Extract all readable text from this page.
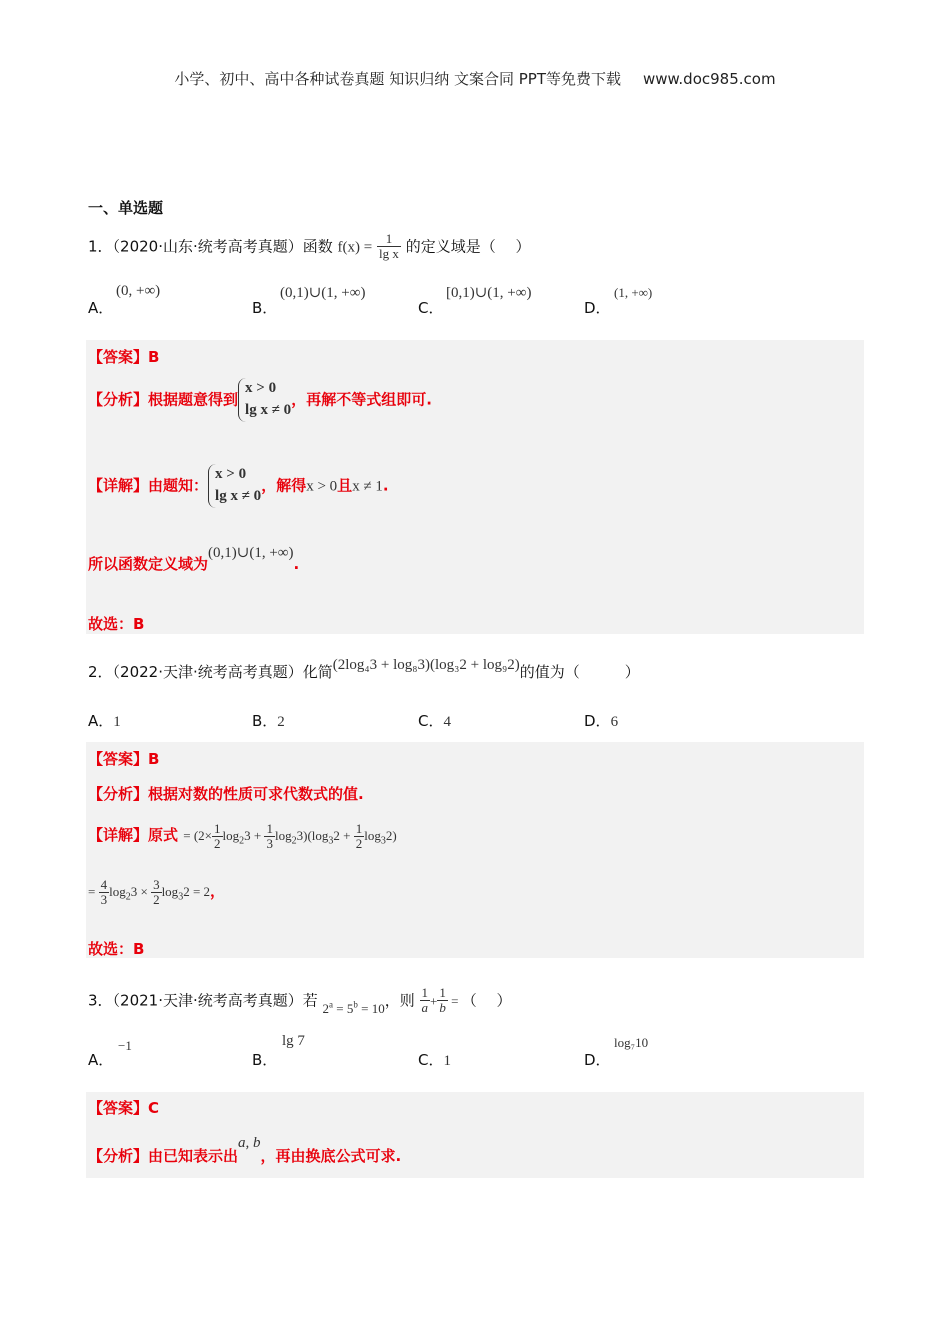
小学、初中、高中各种试卷真题 知识归纳 文案合同 PPT等免费下载 www.doc985.com
一、单选题
1．（2020·山东·统考高考真题）函数 $f(x) = \frac{1}{\text{lg x}}$ 的定义域是（　 ）
A．
(0, +∞)
B．
(0,1)∪(1, +∞)
C．
[0,1)∪(1, +∞)
D．
(1, +∞)
【答案】B
【分析】根据题意得到x > 0
lg x ≠ 0，再解不等式组即可.
【详解】由题知：x > 0
lg x ≠ 0，解得x > 0且x ≠ 1.
所以函数定义域为(0,1)∪(1, +∞).
故选：B
2．（2022·天津·统考高考真题）化简(2log₄3 + log₈3)(log₃2 + log₉2)的值为（　　　）
A．1	B．2	C．4	D．6
【答案】B
【分析】根据对数的性质可求代数式的值.
【详解】原式 = $(2\times \frac{1}{2} \log_23 + \frac{1}{3} \log_23)(\log_32 + \frac{1}{2} \log_32)$
= $\frac{4}{3} \log_23 \times \frac{3}{2} \log_32 = 2$，
故选：B
3．（2021·天津·统考高考真题）若 $2^a = 5^b = 10$，则 $\frac{1}{a} + \frac{1}{b}$ = （　 ）
A．
−1
B．
lg 7
C．1	D．
log₇10
【答案】C
【分析】由已知表示出a, b，再由换底公式可求.
